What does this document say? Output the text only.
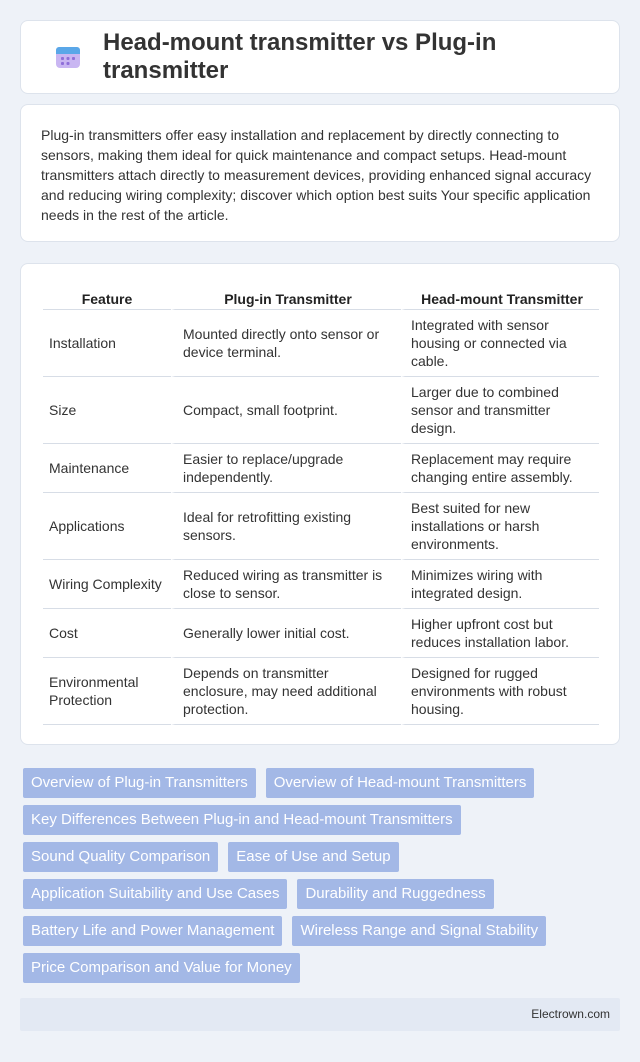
Head-mount transmitter vs Plug-in transmitter

Plug-in transmitters offer easy installation and replacement by directly connecting to sensors, making them ideal for quick maintenance and compact setups. Head-mount transmitters attach directly to measurement devices, providing enhanced signal accuracy and reducing wiring complexity; discover which option best suits Your specific application needs in the rest of the article.

Feature	Plug-in Transmitter	Head-mount Transmitter
Installation	Mounted directly onto sensor or device terminal.	Integrated with sensor housing or connected via cable.
Size	Compact, small footprint.	Larger due to combined sensor and transmitter design.
Maintenance	Easier to replace/upgrade independently.	Replacement may require changing entire assembly.
Applications	Ideal for retrofitting existing sensors.	Best suited for new installations or harsh environments.
Wiring Complexity	Reduced wiring as transmitter is close to sensor.	Minimizes wiring with integrated design.
Cost	Generally lower initial cost.	Higher upfront cost but reduces installation labor.
Environmental Protection	Depends on transmitter enclosure, may need additional protection.	Designed for rugged environments with robust housing.
Overview of Plug-in Transmitters	Overview of Head-mount Transmitters
Key Differences Between Plug-in and Head-mount Transmitters
Sound Quality Comparison	Ease of Use and Setup
Application Suitability and Use Cases	Durability and Ruggedness
Battery Life and Power Management	Wireless Range and Signal Stability
Price Comparison and Value for Money
Electrown.com
